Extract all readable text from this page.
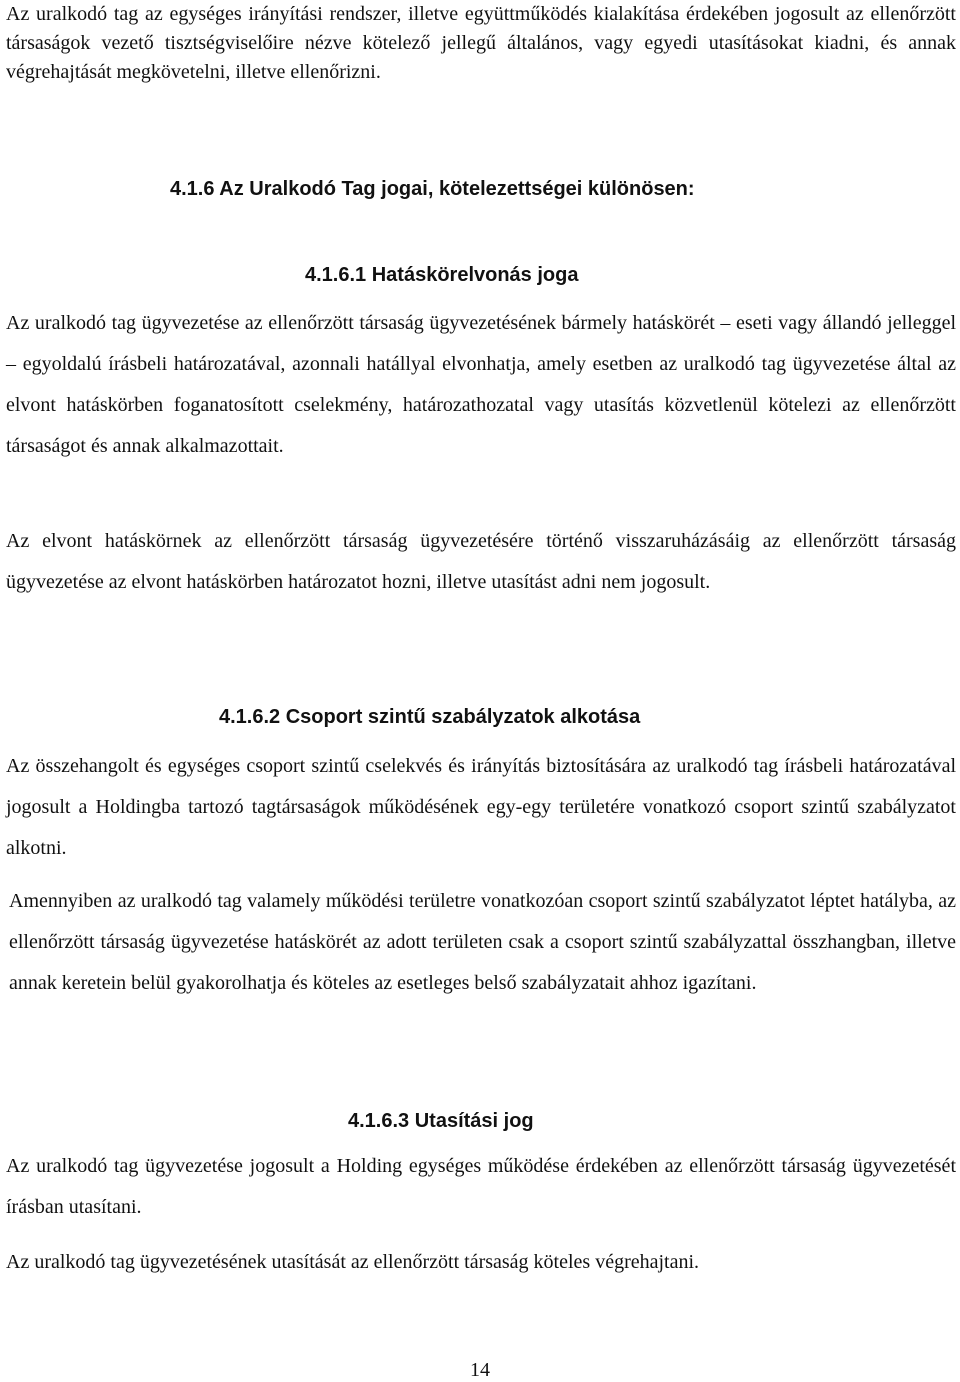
Az uralkodó tag az egységes irányítási rendszer, illetve együttműködés kialakítása érdekében jogosult az ellenőrzött társaságok vezető tisztségviselőire nézve kötelező jellegű általános, vagy egyedi utasításokat kiadni, és annak végrehajtását megkövetelni, illetve ellenőrizni.

4.1.6 Az Uralkodó Tag jogai, kötelezettségei különösen:
4.1.6.1 Hatáskörelvonás joga

Az uralkodó tag ügyvezetése az ellenőrzött társaság ügyvezetésének bármely hatáskörét – eseti vagy állandó jelleggel – egyoldalú írásbeli határozatával, azonnali hatállyal elvonhatja, amely esetben az uralkodó tag ügyvezetése által az elvont hatáskörben foganatosított cselekmény, határozathozatal vagy utasítás közvetlenül kötelezi az ellenőrzött társaságot és annak alkalmazottait.

Az elvont hatáskörnek az ellenőrzött társaság ügyvezetésére történő visszaruházásáig az ellenőrzött társaság ügyvezetése az elvont hatáskörben határozatot hozni, illetve utasítást adni nem jogosult.

4.1.6.2 Csoport szintű szabályzatok alkotása

Az összehangolt és egységes csoport szintű cselekvés és irányítás biztosítására az uralkodó tag írásbeli határozatával jogosult a Holdingba tartozó tagtársaságok működésének egy-egy területére vonatkozó csoport szintű szabályzatot alkotni.

Amennyiben az uralkodó tag valamely működési területre vonatkozóan csoport szintű szabályzatot léptet hatályba, az ellenőrzött társaság ügyvezetése hatáskörét az adott területen csak a csoport szintű szabályzattal összhangban, illetve annak keretein belül gyakorolhatja és köteles az esetleges belső szabályzatait ahhoz igazítani.

4.1.6.3 Utasítási jog

Az uralkodó tag ügyvezetése jogosult a Holding egységes működése érdekében az ellenőrzött társaság ügyvezetését írásban utasítani.

Az uralkodó tag ügyvezetésének utasítását az ellenőrzött társaság köteles végrehajtani.

14
